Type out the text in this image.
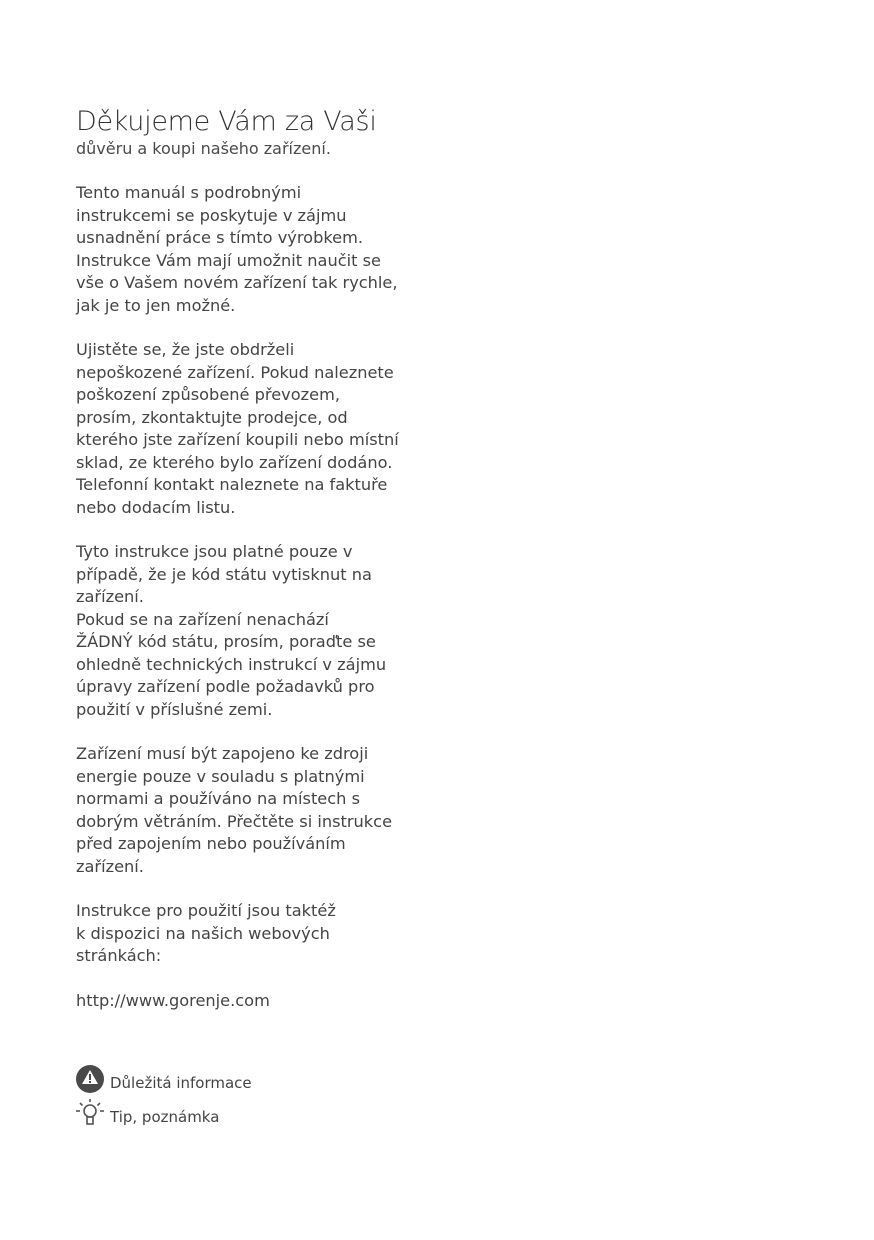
Děkujeme Vám za Vaši

důvěru a koupi našeho zařízení.

Tento manuál s podrobnými
instrukcemi se poskytuje v zájmu
usnadnění práce s tímto výrobkem.
Instrukce Vám mají umožnit naučit se
vše o Vašem novém zařízení tak rychle,
jak je to jen možné.

Ujistěte se, že jste obdrželi
nepoškozené zařízení. Pokud naleznete
poškození způsobené převozem,
prosím, zkontaktujte prodejce, od
kterého jste zařízení koupili nebo místní
sklad, ze kterého bylo zařízení dodáno.
Telefonní kontakt naleznete na faktuře
nebo dodacím listu.

Tyto instrukce jsou platné pouze v
případě, že je kód státu vytisknut na
zařízení.
Pokud se na zařízení nenachází
ŽÁDNÝ kód státu, prosím, poraďte se
ohledně technických instrukcí v zájmu
úpravy zařízení podle požadavků pro
použití v příslušné zemi.

Zařízení musí být zapojeno ke zdroji
energie pouze v souladu s platnými
normami a používáno na místech s
dobrým větráním. Přečtěte si instrukce
před zapojením nebo používáním
zařízení.

Instrukce pro použití jsou taktéž
k dispozici na našich webových
stránkách:

http://www.gorenje.com

Důležitá informace
Tip, poznámka
